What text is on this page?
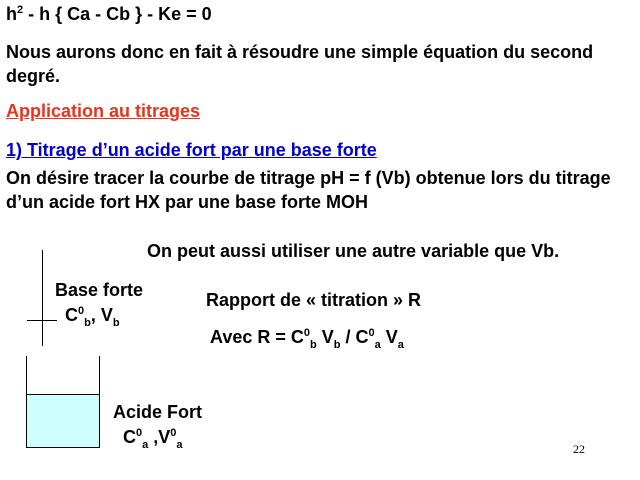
$h^2$ - h { Ca - Cb } - Ke = 0
Nous aurons donc en fait à résoudre une simple équation du second degré.
Application au titrages
1) Titrage d’un acide fort par une base forte
On désire tracer la courbe de titrage pH = f (Vb) obtenue lors du titrage d’un acide fort HX par une base forte MOH
On peut aussi utiliser une autre variable que Vb.
Base forte
$C^0_b$, $V_b$
Rapport de « titration » R
Avec $R = C^0_b$ $V_b / C^0_a$ $V_a$
Acide Fort
$C^0_a$ $,V^0_a$	22
